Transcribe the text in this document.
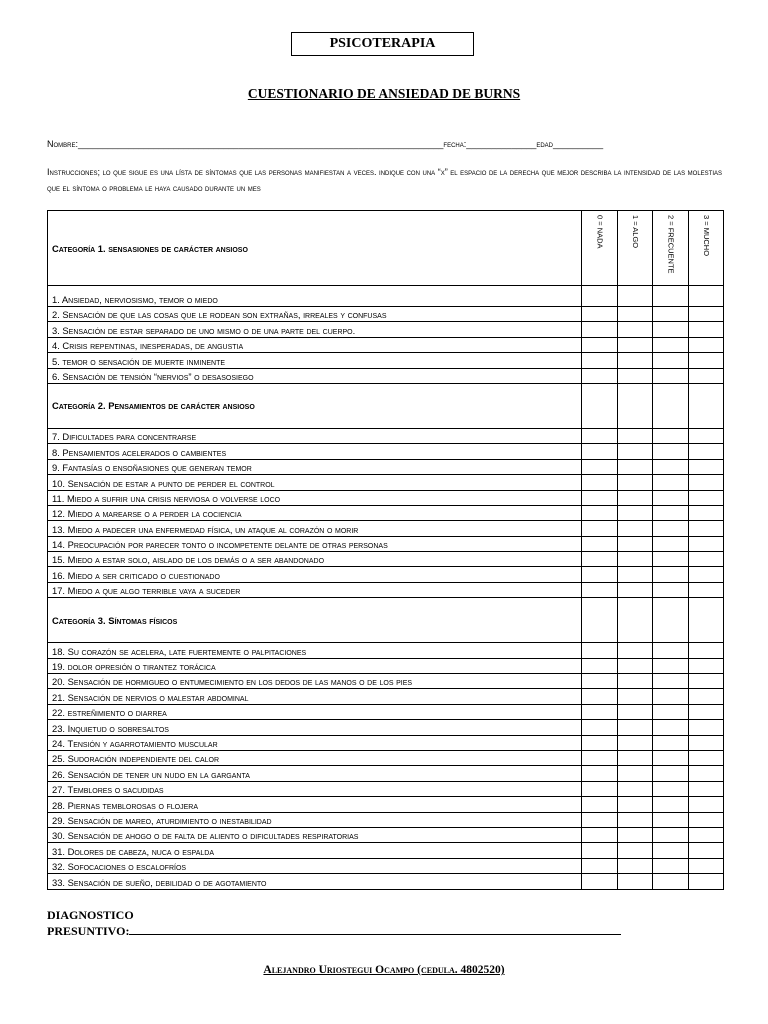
PSICOTERAPIA
CUESTIONARIO DE ANSIEDAD DE BURNS
Nombre:_________________________________________________________________________fecha:______________edad__________
Instrucciones; lo que sigue es una lísta de síntomas que las personas manifiestan a veces. indique con una “x” el espacio de la derecha que mejor describa la intensidad de las molestias que el síntoma o problema le haya causado durante un mes
Categoría 1. sensasiones de carácter ansioso	0 = NADA	1 = ALGO	2 = FRECUENTE	3 = MUCHO

1. Ansiedad, nerviosismo, temor o miedo				
2. Sensación de que las cosas que le rodean son extrañas, irreales y confusas				
3. Sensación de estar separado de uno mismo o de una parte del cuerpo.				
4. Crisis repentinas, inesperadas, de angustia				
5. temor o sensación de muerte inminente				
6. Sensación de tensión “nervios” o desasosiego				
Categoría 2. Pensamientos de carácter ansioso				
7. Dificultades para concentrarse				
8. Pensamientos acelerados o cambientes				
9. Fantasías o ensoñasiones que generan temor				
10. Sensación de estar a punto de perder el control				
11. Miedo a sufrir una crisis nerviosa o volverse loco				
12. Miedo a marearse o a perder la cociencia				
13. Miedo a padecer una enfermedad física, un ataque al corazón o morir				
14. Preocupación por parecer tonto o incompetente delante de otras personas				
15. Miedo a estar solo, aislado de los demás o a ser abandonado				
16. Miedo a ser criticado o cuestionado				
17. Miedo a que algo terrible vaya a suceder				
Categoría 3. Síntomas físicos				
18. Su corazón se acelera, late fuertemente o palpitaciones				
19. dolor opresión o tirantez torácica				
20. Sensación de hormigueo o entumecimiento en los dedos de las manos o de los pies				
21. Sensación de nervios o malestar abdominal				
22. estreñimiento o diarrea				
23. Inquietud o sobresaltos				
24. Tensión y agarrotamiento muscular				
25. Sudoración independiente del calor				
26. Sensación de tener un nudo en la garganta				
27. Temblores o sacudidas				
28. Piernas temblorosas o flojera				
29. Sensación de mareo, aturdimiento o inestabilidad				
30. Sensación de ahogo o de falta de aliento o dificultades respiratorias				
31. Dolores de cabeza, nuca o espalda				
32. Sofocaciones o escalofríos				
33. Sensación de sueño, debilidad o de agotamiento				
DIAGNOSTICO
PRESUNTIVO:
Alejandro Uriostegui Ocampo (cedula. 4802520)
